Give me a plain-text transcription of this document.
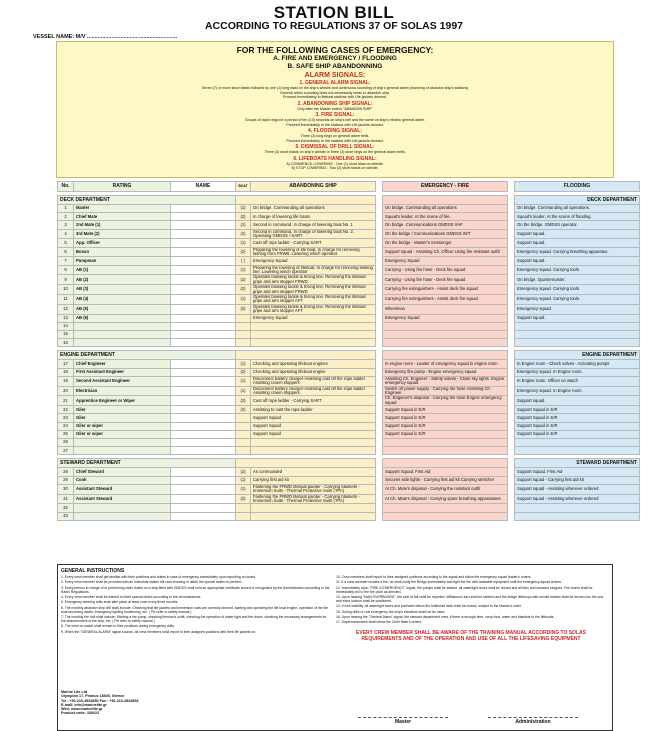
STATION BILL
ACCORDING TO REGULATIONS 37 OF SOLAS 1997
VESSEL NAME: M/V ...........................................................
FOR THE FOLLOWING CASES OF EMERGENCY:
A. FIRE AND EMERGENCY / FLOODING
B. SAFE SHIP ABANDONNING
ALARM SIGNALS:
1. GENERAL ALARM SIGNAL:
Seven (7) or more short blasts followed by one (1) long blast on the ship's whistle and continuous sounding of ship's general alarm (manning of abandon ship's stations)
General alarm sounding does not necessarily mean to abandon ship.
Proceed immediately to lifeboat stations with Life jackets donned.
2. ABANDONING SHIP SIGNAL:
Only after the Master orders "ABANDON SHIP"
3. FIRE SIGNAL:
Groups of rapid rings for a period of ten (10) seconds on ship's bell and the same on ship's electric general alarm.
Proceed immediately to fire stations with Life jackets donned.
4. FLOODING SIGNAL:
Three (3) long rings on general alarm bells.
Proceed immediately to fire stations with Life jackets donned.
5. DISMISSAL OF DRILL SIGNAL:
Three (3) short blasts on ship's whistle or three (3) short rings on the general alarm bells.
6. LIFEBOATS HANDLING SIGNAL:
A) COMMENCE LOWERING : One (1) short blast on whistle.
B) STOP LOWERING : Two (2) short blasts on whistle.
No.	RATING	NAME	BOAT	ABANDONING SHIP		EMERGENCY - FIRE		FLOODING

DECK DEPARTMENT								DECK DEPARTMENT
1	Master		(1)	On bridge. Commanding all operations		On bridge. Commanding all operations		On bridge. Commanding all operations.
2	Chief Mate		(2)	In charge of lowering life boats		Squad's leader. At the scene of fire.		Squad's leader. At the scene of flooding.
3	2nd Mate (1)		(1)	Second in command. In charge of lowering boat No. 1		On bridge. Communications GMDSS VHF		On the bridge. GMDSS operator.
4	3rd Mate (2)		(2)	Second in command. In charge of lowering boat No. 2. Operating GMDSS / SART		On the bridge / Communications GMDSS W/T		Support squad.
5	App. Officer		(1)	Cast off rope ladder - Carrying SART		On the bridge - Master's messenger		Support squad.
6	Bosun		(2)	Preparing the lowering of life boat. In charge for removing lashing from FRWB. Lowering which operator.		Support squad - Assisting Ch. Officer Using fire resistant outfit		Emergency squad. Carrying breathing apparatus.
7	Pumpman		( )	Emergency Squad		Emergency Squad		Support squad.
8	AB (1)		(1)	Preparing the lowering of lifeboat. In charge for removing lashing line. Lowering winch operator		Carrying - Using fire hose - Deck fire squad		Emergency squad. Carrying tools.
9	AB (2)		(2)	Operates bowsing tackle & tricing line. Removing the lifeboat gripe and arm stopper FRWD		Carrying - Using fire hose - Deck fire squad		On bridge. Quartermaster.
10	AB (3)		(2)	Operates bowsing tackle & tricing line. Removing the lifeboat gripe and arm stopper FRWD		Carrying fire extinguishers - Assist deck fire squad		Emergency squad. Carrying tools.
11	AB (4)		(1)	Operates bowsing tackle & tricing line. Removing the lifeboat gripe and arm stopper AFT		Carrying fire extinguishers - Assist deck fire squad		Emergency squad. Carrying tools.
12	AB (5)		(2)	Operates bowsing tackle & tricing line. Removing the lifeboat gripe and arm stopper AFT		Wheelman		Emergency squad.
13	AB (6)			Emergency Squad		Emergency Squad		Support squad.
14								
15								
16								

ENGINE DEPARTMENT								ENGINE DEPARTMENT
17	Chief Engineer		(1)	Checking and operating lifeboat engines		In engine room - Leader of emergency squad in engine room		In Engine room - Check valves - Activating pumps
18	First Assistant Engineer		(2)	Checking and operating lifeboat engine		Emergency fire pump - Engine emergency squad.		Emergency squad. In Engine room.
19	Second Assistant Engineer		(1)	Disconnect battery charger-Assisting cast off the rope ladder Assisting craem stoppers		Assisting Ch. Engineer - Safety valves - Close sky lights. Engine emergency squad		In Engine room. Officer on watch
20	Electrician		(1)	Disconnect battery charger-Assisting cast off the rope ladder Assisting craem stoppers		Switch off power supply - Carrying fire hose Assisting Ch. Engineer		Emergency squad. In Engine room.
21	Apprentice Engineer or Wiper		(2)	Cast off rope ladder - Carrying SART		Ch. Engineer's disposal - Carrying fire hose Engine emergency squad		Support squad.
22	Oiler		(2)	Assisting to cast the rope ladder		Support Squad in E/R		Support Squad in E/R
23	Oiler			Support Squad		Support Squad in E/R		Support Squad in E/R
24	Oiler or wiper			Support Squad		Support Squad in E/R		Support Squad in E/R
25	Oiler or wiper			Support Squad		Support Squad in E/R		Support Squad in E/R
26								
27								

STEWARD DEPARTMENT								STEWARD DEPARTMENT
28	Chief Steward		(2)	As commanded		Support Squad. First Aid		Support Squad. First Aid
29	Cook		(1)	Carrying first aid kit		Secures side lights - Carrying first aid kit Carrying stretcher		Support squad - Carrying first aid kit
30	Assistant Steward		(1)	Fastening the FRWD lifeboat painter - Carrying blankets - Immersion Suits - Thermal Protective Suits (TPA)		At Ch. Mate's disposal - Carrying the resistant outfit		Support squad - Assisting wherever ordered
31	Assistant Steward		(2)	Fastening the FRWD lifeboat painter - Carrying blankets - Immersion Suits - Thermal Protective Suits (TPA)		At Ch. Mate's disposal - Carrying spare breathing apparatuses		Support squad - Assisting wherever ordered
32								
33								
GENERAL INSTRUCTIONS

1. Every crew member shall get familiar with their positions and duties in case of emergency immediately upon reporting on board.

2. Every crew member shall be provided with an individual station bill card showing in detail the special duties to perform.

3. Every person in charge of or performing radio duties on a ship fitted with GMDSS shall hold an appropriate certificate issued or recognized by the Administration according to the Radio Regulations.

4. Every crew member shall be trained on their special duties according to the circumstances.

5. Emergency steering drills shall take place at least once every three months.

6. The monthly abandon ship drill shall include: Checking that life jackets and immersion suits are correctly donned, starting and operating the life boat engine, operation of the life boat launching davits; emergency lighting functioning, etc. ( Pls refer to safety manual )

7. The monthly fire drill shall include: Starting a fire pump, checking fireman's outfit, checking the operation of water tight and fire doors, checking the necessary arrangements for the abandonment of the ship, etc. ( Pls refer to safety manual )

8. The crew on watch shall remain in their positions during emergency drills.

9. When the "GENERAL ALARM" signal sounds, all crew members shall report to their assigned positions with their life jackets on.

10. Crew members shall report to their assigned positions according to the signal and follow the emergency squad leader's orders.

11. If a crew member locates a fire, he shall notify the Bridge immediately and fight the fire with available equipment until the emergency squad arrives.

12. Immediately upon "FIRE & EMERGENCY" signal, fire pumps shall be started, all watertight doors shall be closed and all fans and dowsers stopped. Fire hoses shall be immediately led to the fire point as directed.

13. Upon hearing "MAN OVERBOARD", the side of fall shall be reported. Williamson turn shall be steered and the bridge lifebuoys with smoke marker shall be thrown into the sea and extra lookout shall be positioned.

14. In low visibility, all watertight doors and portholes below the bulkhead deck shall be closed, subject to the Master's order.

15. During drills or real emergency the ship's elevators shall not be used.

16. Upon hearing the "General Alarm" signal, the steward department crew, if there is enough time, carry food, water and blankets to the lifeboats.

17. Supernumeraries shall follow the Chief Mate's orders.

EVERY CREW MEMBER SHALL BE AWARE OF THE TRAINING MANUAL ACCORDING TO SOLAS REQUIREMENTS AND OF THE OPERATION AND USE OF ALL THE LIFESAVING EQUIPMENT
Marine Lite Ltd
Olympion 17, Piraeus 18545, Greece
Tel : +30-210-4534850 Fax : +30-210-4534868
E-mail: info@marinelite.gr
Web: www.marinelite.gr
Product code: 330022
Master	Administration
